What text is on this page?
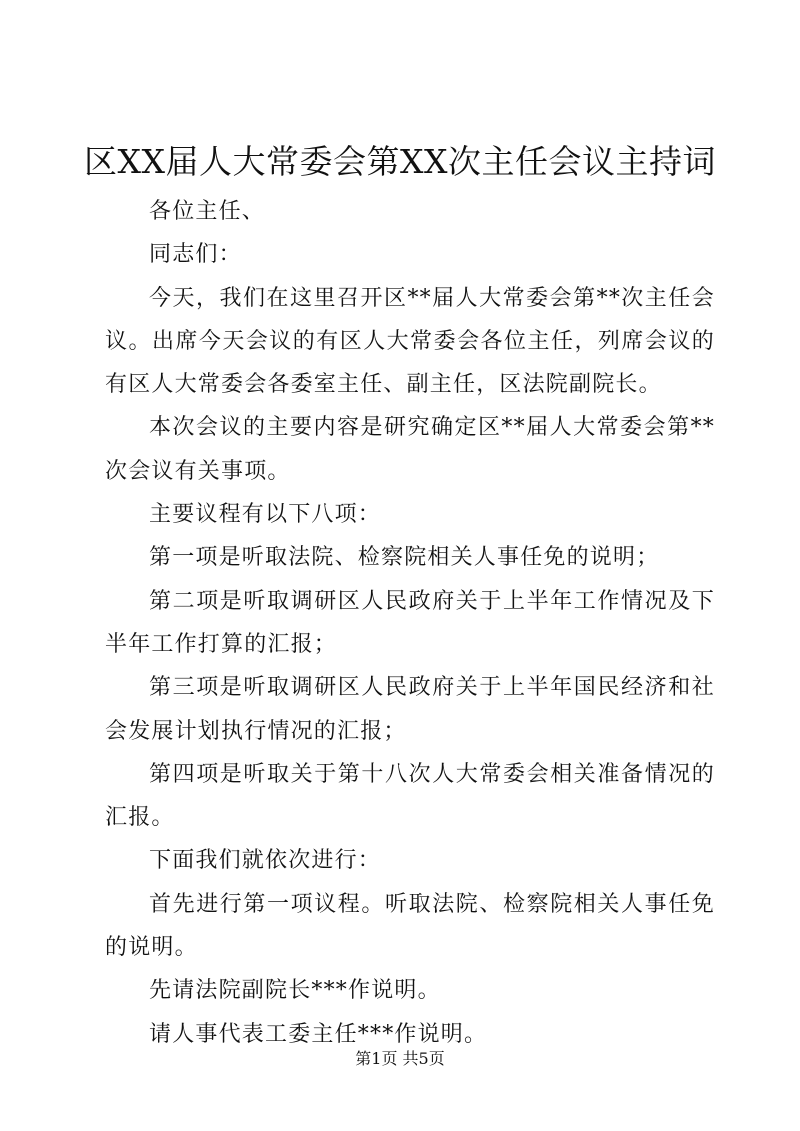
区XX届人大常委会第XX次主任会议主持词

各位主任、

同志们：

今天，我们在这里召开区**届人大常委会第**次主任会议。出席今天会议的有区人大常委会各位主任，列席会议的有区人大常委会各委室主任、副主任，区法院副院长。

本次会议的主要内容是研究确定区**届人大常委会第**次会议有关事项。

主要议程有以下八项：

第一项是听取法院、检察院相关人事任免的说明；

第二项是听取调研区人民政府关于上半年工作情况及下半年工作打算的汇报；

第三项是听取调研区人民政府关于上半年国民经济和社会发展计划执行情况的汇报；

第四项是听取关于第十八次人大常委会相关准备情况的汇报。

下面我们就依次进行：

首先进行第一项议程。听取法院、检察院相关人事任免的说明。

先请法院副院长***作说明。

请人事代表工委主任***作说明。

第1页 共5页
